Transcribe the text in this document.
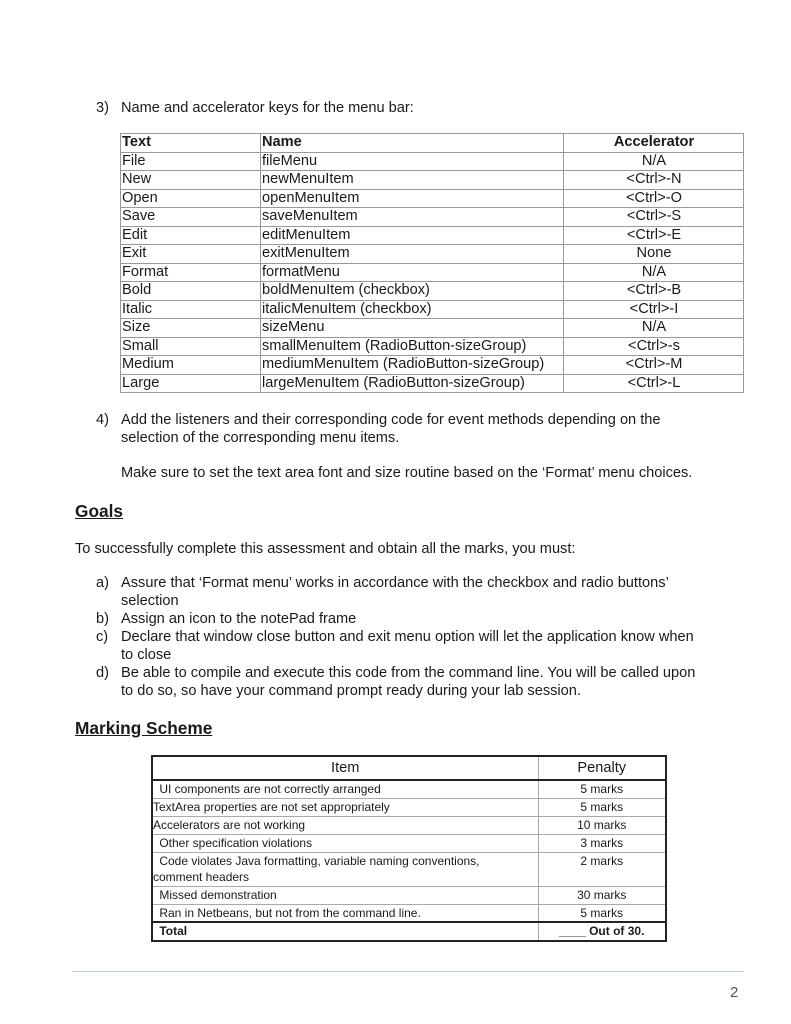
3) Name and accelerator keys for the menu bar:
Text	Name	Accelerator
File	fileMenu	N/A
New	newMenuItem	<Ctrl>-N
Open	openMenuItem	<Ctrl>-O
Save	saveMenuItem	<Ctrl>-S
Edit	editMenuItem	<Ctrl>-E
Exit	exitMenuItem	None
Format	formatMenu	N/A
Bold	boldMenuItem (checkbox)	<Ctrl>-B
Italic	italicMenuItem (checkbox)	<Ctrl>-I
Size	sizeMenu	N/A
Small	smallMenuItem (RadioButton-sizeGroup)	<Ctrl>-s
Medium	mediumMenuItem (RadioButton-sizeGroup)	<Ctrl>-M
Large	largeMenuItem (RadioButton-sizeGroup)	<Ctrl>-L
4) Add the listeners and their corresponding code for event methods depending on the
selection of the corresponding menu items.
Make sure to set the text area font and size routine based on the ‘Format’ menu choices.
Goals
To successfully complete this assessment and obtain all the marks, you must:
a) Assure that ‘Format menu’ works in accordance with the checkbox and radio buttons’
selection
b) Assign an icon to the notePad frame
c) Declare that window close button and exit menu option will let the application know when
to close
d) Be able to compile and execute this code from the command line. You will be called upon
to do so, so have your command prompt ready during your lab session.
Marking Scheme
Item	Penalty
UI components are not correctly arranged	5 marks
TextArea properties are not set appropriately	5 marks
Accelerators are not working	10 marks
Other specification violations	3 marks

Code violates Java formatting, variable naming conventions,
comment headers	2 marks
Missed demonstration	30 marks
Ran in Netbeans, but not from the command line.	5 marks
Total	____ Out of 30.
2
